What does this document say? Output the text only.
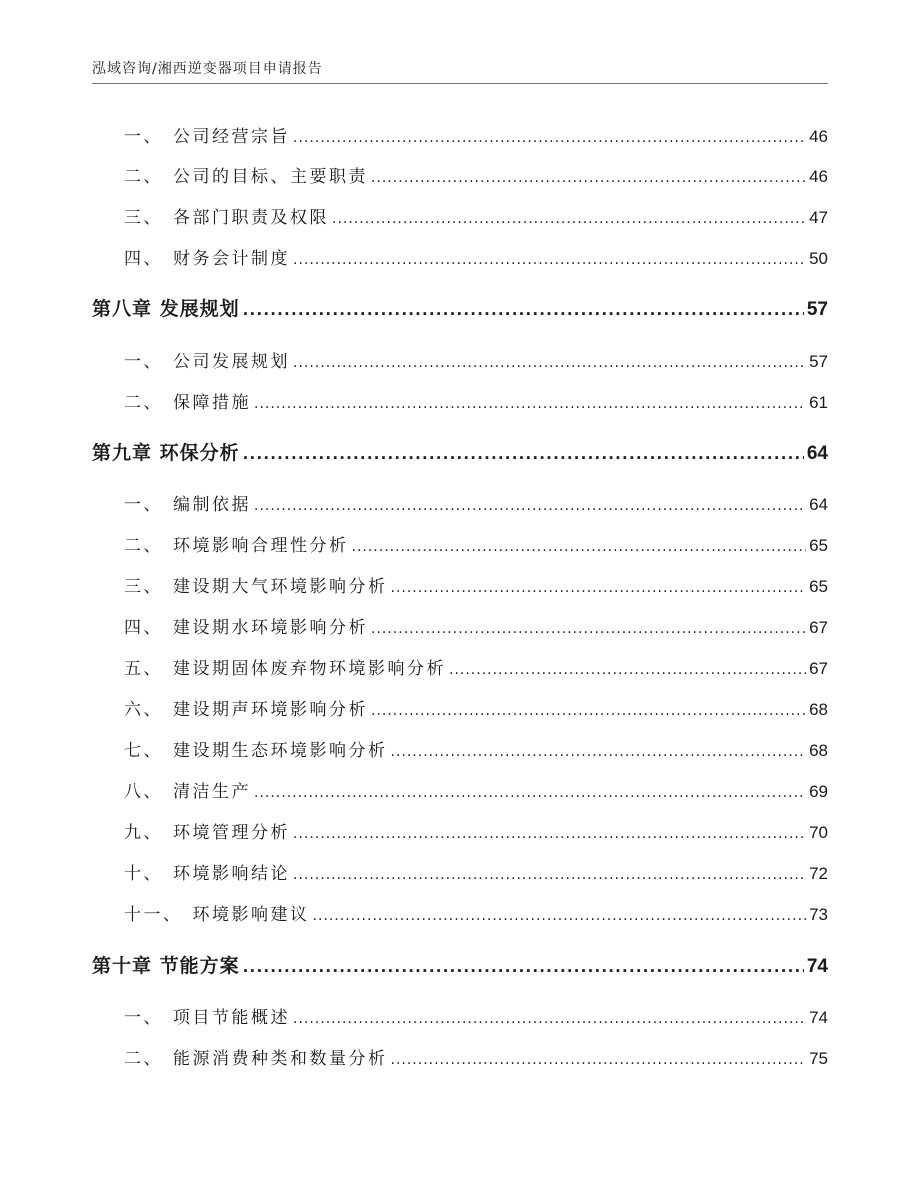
泓域咨询/湘西逆变器项目申请报告
一、 公司经营宗旨 .....	46
二、 公司的目标、主要职责 .....	46
三、 各部门职责及权限 .....	47
四、 财务会计制度 .....	50
第八章 发展规划 .....	57
一、 公司发展规划 .....	57
二、 保障措施 .....	61
第九章 环保分析 .....	64
一、 编制依据 .....	64
二、 环境影响合理性分析 .....	65
三、 建设期大气环境影响分析 .....	65
四、 建设期水环境影响分析 .....	67
五、 建设期固体废弃物环境影响分析 .....	67
六、 建设期声环境影响分析 .....	68
七、 建设期生态环境影响分析 .....	68
八、 清洁生产 .....	69
九、 环境管理分析 .....	70
十、 环境影响结论 .....	72
十一、 环境影响建议 .....	73
第十章 节能方案 .....	74
一、 项目节能概述 .....	74
二、 能源消费种类和数量分析 .....	75
